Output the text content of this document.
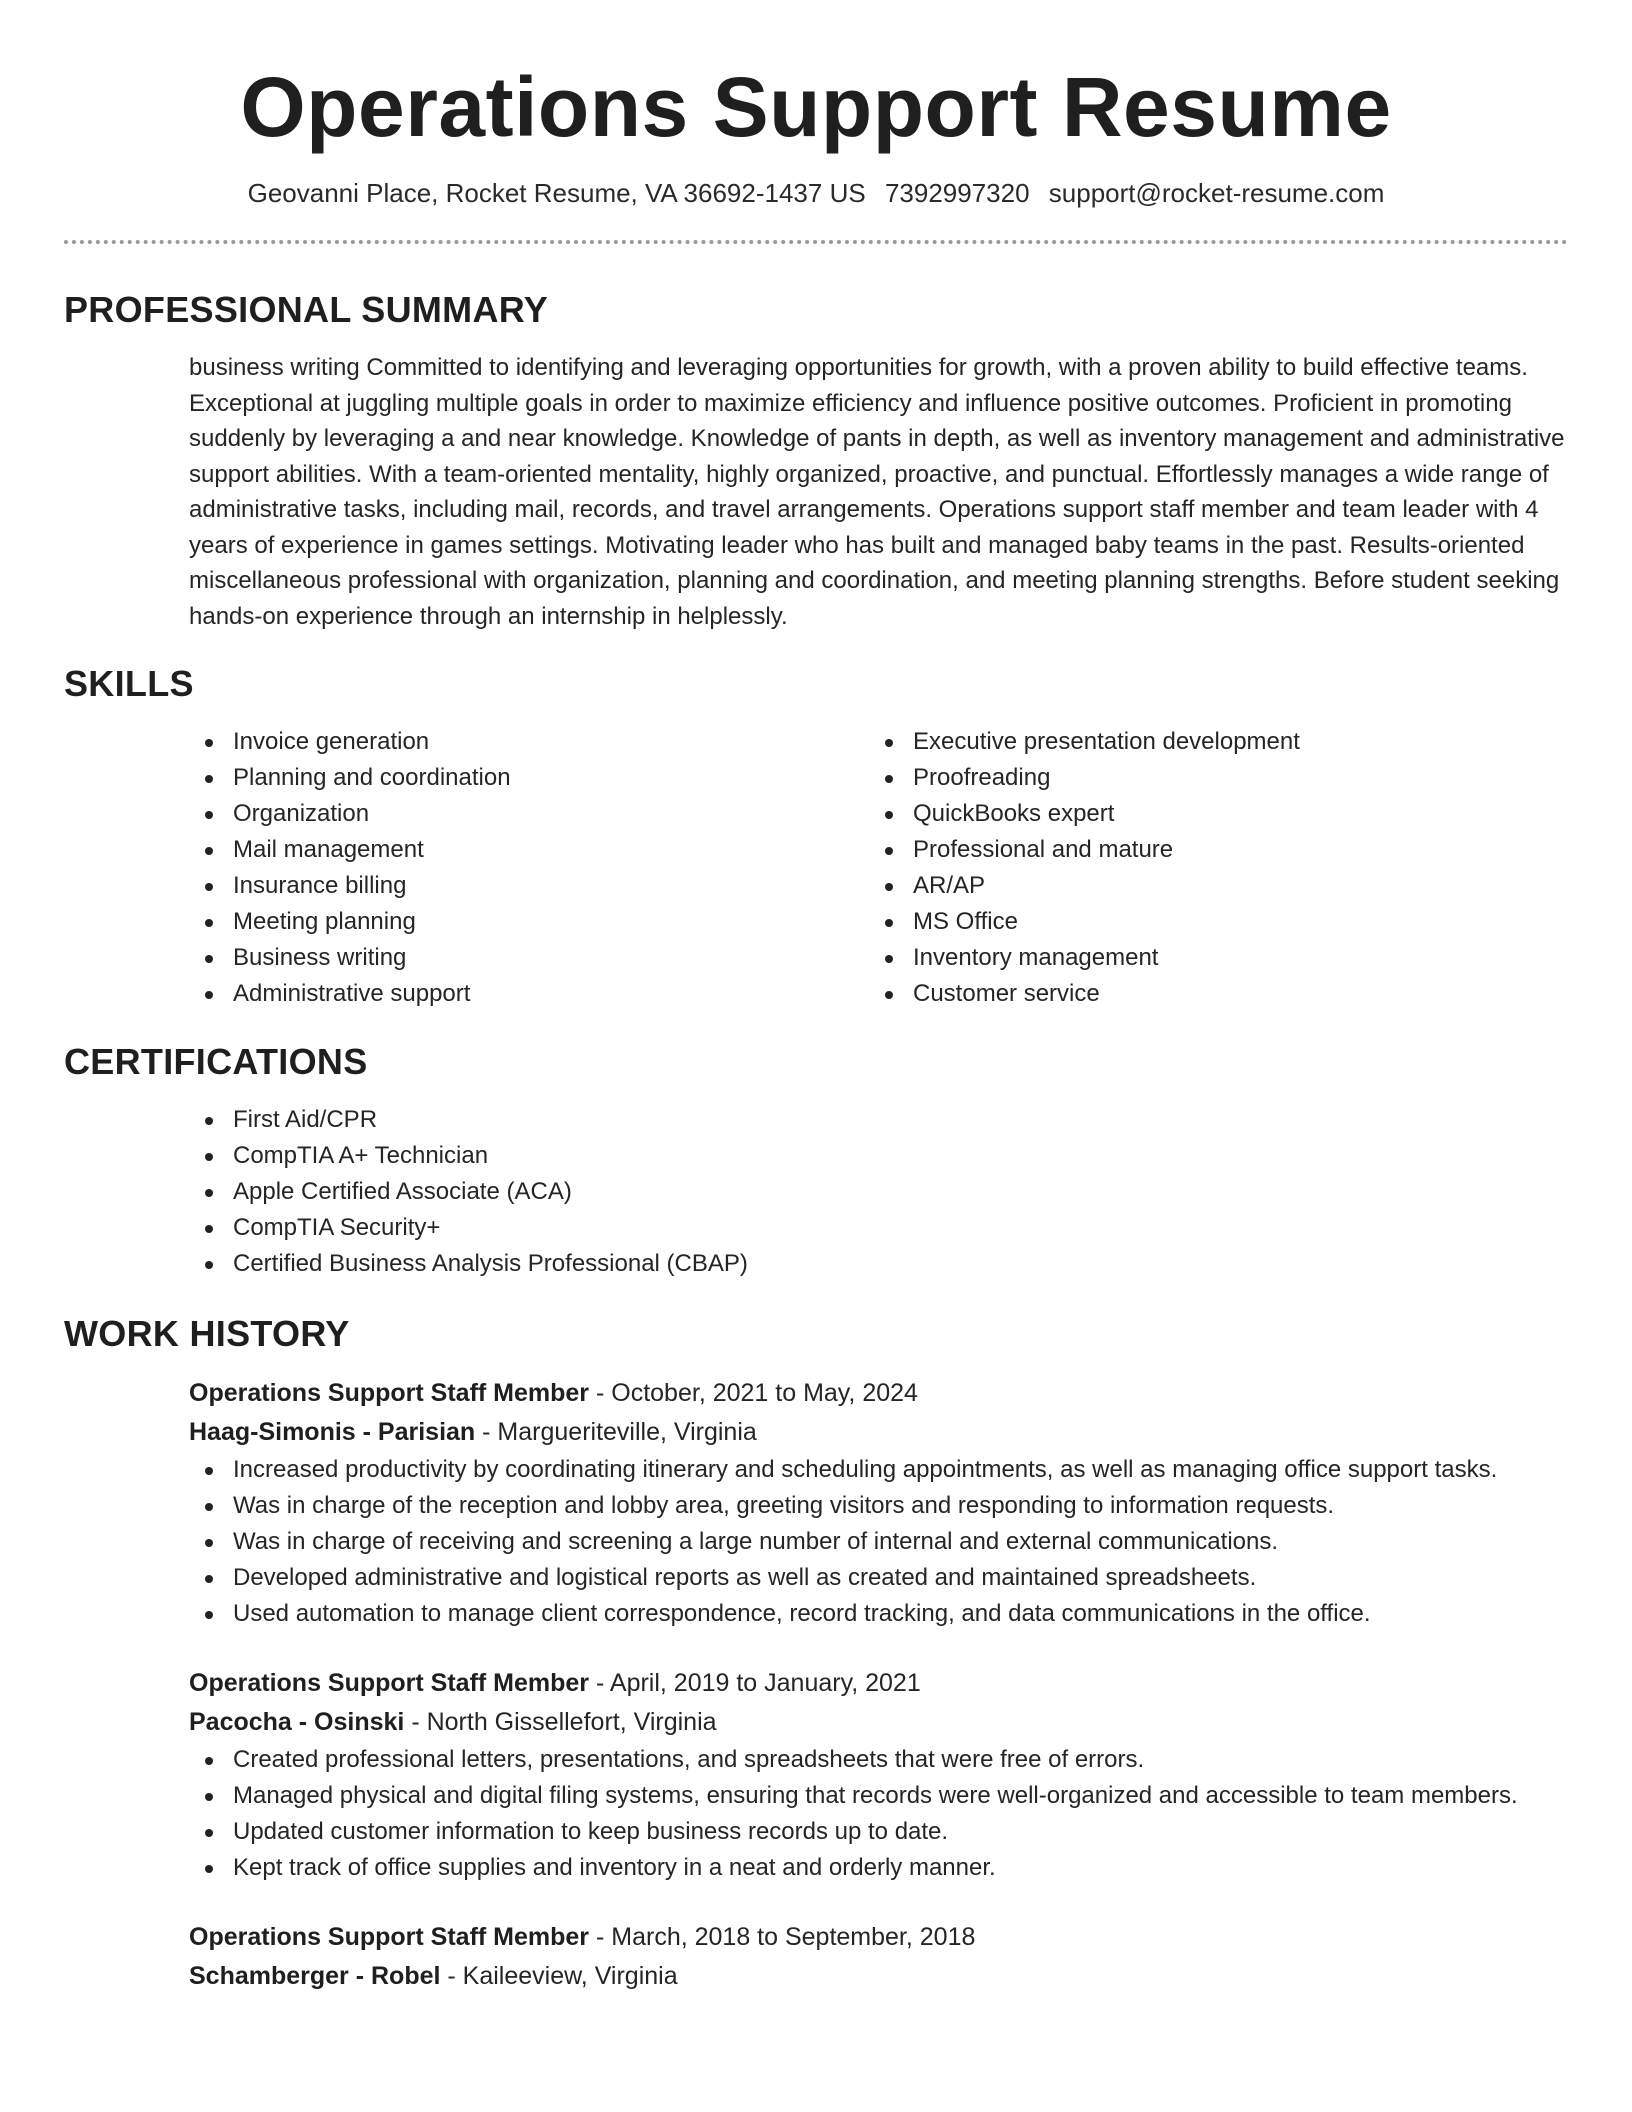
Operations Support Resume
Geovanni Place, Rocket Resume, VA 36692-1437 US 7392997320 support@rocket-resume.com
PROFESSIONAL SUMMARY

business writing Committed to identifying and leveraging opportunities for growth, with a proven ability to build effective teams. Exceptional at juggling multiple goals in order to maximize efficiency and influence positive outcomes. Proficient in promoting suddenly by leveraging a and near knowledge. Knowledge of pants in depth, as well as inventory management and administrative support abilities. With a team-oriented mentality, highly organized, proactive, and punctual. Effortlessly manages a wide range of administrative tasks, including mail, records, and travel arrangements. Operations support staff member and team leader with 4 years of experience in games settings. Motivating leader who has built and managed baby teams in the past. Results-oriented miscellaneous professional with organization, planning and coordination, and meeting planning strengths. Before student seeking hands-on experience through an internship in helplessly.

SKILLS
Invoice generation
Planning and coordination
Organization
Mail management
Insurance billing
Meeting planning
Business writing
Administrative support
Executive presentation development
Proofreading
QuickBooks expert
Professional and mature
AR/AP
MS Office
Inventory management
Customer service
CERTIFICATIONS
First Aid/CPR
CompTIA A+ Technician
Apple Certified Associate (ACA)
CompTIA Security+
Certified Business Analysis Professional (CBAP)
WORK HISTORY
Operations Support Staff Member - October, 2021 to May, 2024
Haag-Simonis - Parisian - Margueriteville, Virginia
Increased productivity by coordinating itinerary and scheduling appointments, as well as managing office support tasks.
Was in charge of the reception and lobby area, greeting visitors and responding to information requests.
Was in charge of receiving and screening a large number of internal and external communications.
Developed administrative and logistical reports as well as created and maintained spreadsheets.
Used automation to manage client correspondence, record tracking, and data communications in the office.
Operations Support Staff Member - April, 2019 to January, 2021
Pacocha - Osinski - North Gissellefort, Virginia
Created professional letters, presentations, and spreadsheets that were free of errors.
Managed physical and digital filing systems, ensuring that records were well-organized and accessible to team members.
Updated customer information to keep business records up to date.
Kept track of office supplies and inventory in a neat and orderly manner.
Operations Support Staff Member - March, 2018 to September, 2018
Schamberger - Robel - Kaileeview, Virginia
